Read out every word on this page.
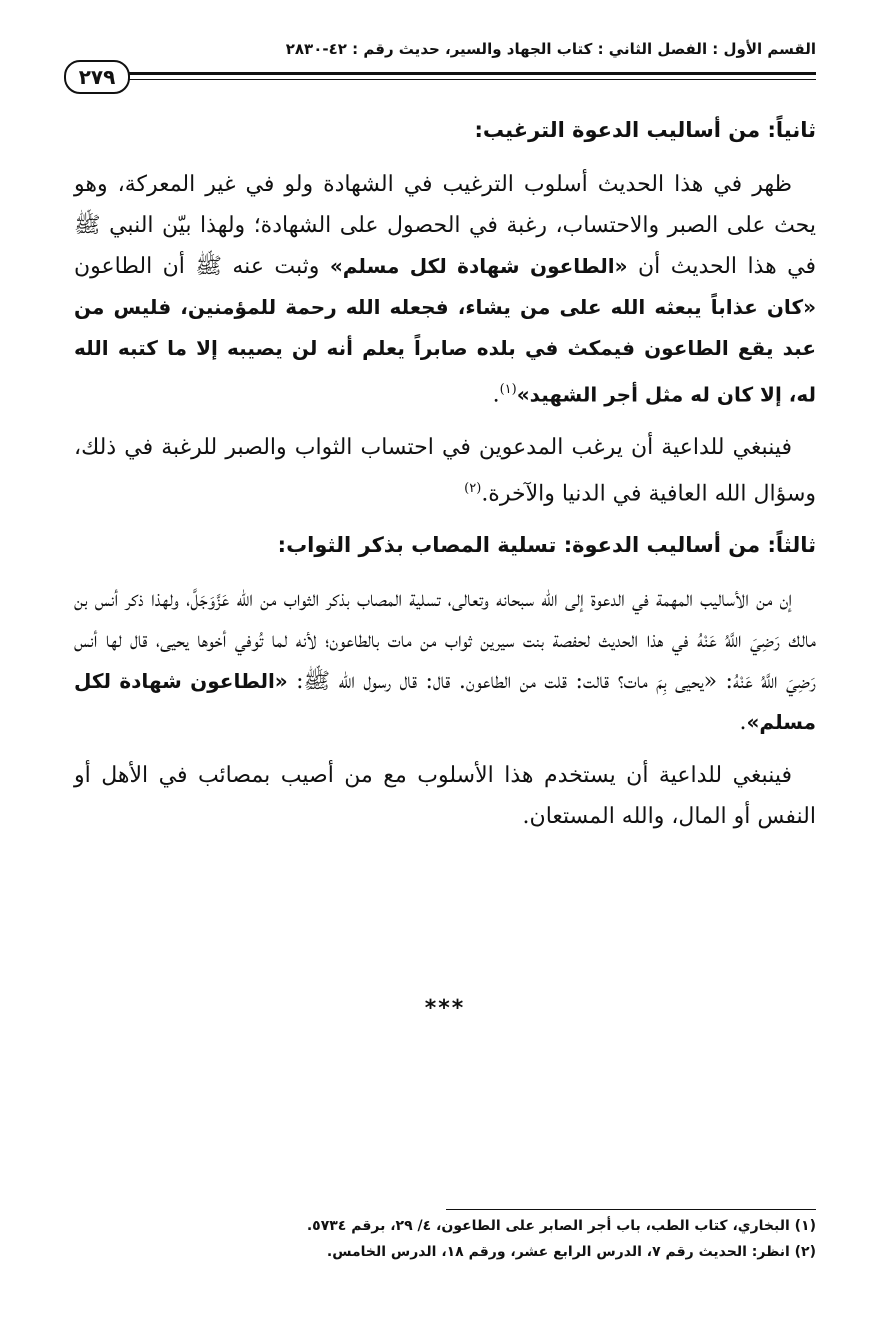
القسم الأول : الفصل الثاني : كتاب الجهاد والسير، حديث رقم : ٤٢-٢٨٣٠
٢٧٩
ثانياً: من أساليب الدعوة الترغيب:

ظهر في هذا الحديث أسلوب الترغيب في الشهادة ولو في غير المعركة، وهو يحث على الصبر والاحتساب، رغبة في الحصول على الشهادة؛ ولهذا بيّن النبي ﷺ في هذا الحديث أن «الطاعون شهادة لكل مسلم» وثبت عنه ﷺ أن الطاعون «كان عذاباً يبعثه الله على من يشاء، فجعله الله رحمة للمؤمنين، فليس من عبد يقع الطاعون فيمكث في بلده صابراً يعلم أنه لن يصيبه إلا ما كتبه الله له، إلا كان له مثل أجر الشهيد»$^{(١)}$.

فينبغي للداعية أن يرغب المدعوين في احتساب الثواب والصبر للرغبة في ذلك، وسؤال الله العافية في الدنيا والآخرة.$^{(٢)}$

ثالثاً: من أساليب الدعوة: تسلية المصاب بذكر الثواب:

إن من الأساليب المهمة في الدعوة إلى الله سبحانه وتعالى، تسلية المصاب بذكر الثواب من الله عَزَّوَجَلَّ، ولهذا ذكر أنس بن مالك رَضِيَ اللَّهُ عَنْهُ في هذا الحديث لحفصة بنت سيرين ثواب من مات بالطاعون؛ لأنه لما تُوفي أخوها يحيى، قال لها أنس رَضِيَ اللَّهُ عَنْهُ: «يحيى بِمَ مات؟ قالت: قلت من الطاعون. قال: قال رسول الله ﷺ: «الطاعون شهادة لكل مسلم».

فينبغي للداعية أن يستخدم هذا الأسلوب مع من أصيب بمصائب في الأهل أو النفس أو المال، والله المستعان.

***
(١) البخاري، كتاب الطب، باب أجر الصابر على الطاعون، ٤/ ٢٩، برقم ٥٧٣٤.
(٢) انظر: الحديث رقم ٧، الدرس الرابع عشر، ورقم ١٨، الدرس الخامس.
